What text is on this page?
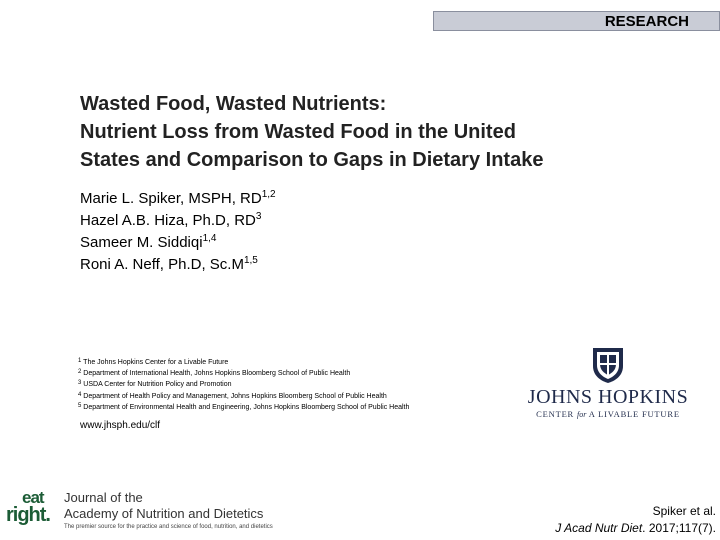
RESEARCH
Wasted Food, Wasted Nutrients:
Nutrient Loss from Wasted Food in the United
States and Comparison to Gaps in Dietary Intake
Marie L. Spiker, MSPH, RD$^{1,2}$
Hazel A.B. Hiza, Ph.D, $RD^3$
Sameer M. Siddiqi$^{1,4}$
Roni A. Neff, Ph.D, $Sc.M^{1,5}$
$^1$ The Johns Hopkins Center for a Livable Future
$^2$ Department of International Health, Johns Hopkins Bloomberg School of Public Health
$^3$ USDA Center for Nutrition Policy and Promotion
$^4$ Department of Health Policy and Management, Johns Hopkins Bloomberg School of Public Health
$^5$ Department of Environmental Health and Engineering, Johns Hopkins Bloomberg School of Public Health
www.jhsph.edu/clf
JOHNS HOPKINS
CENTER for A LIVABLE FUTURE
eat
right.
Journal of the
Academy of Nutrition and Dietetics
The premier source for the practice and science of food, nutrition, and dietetics
Spiker et al.
J Acad Nutr Diet. 2017;117(7).
